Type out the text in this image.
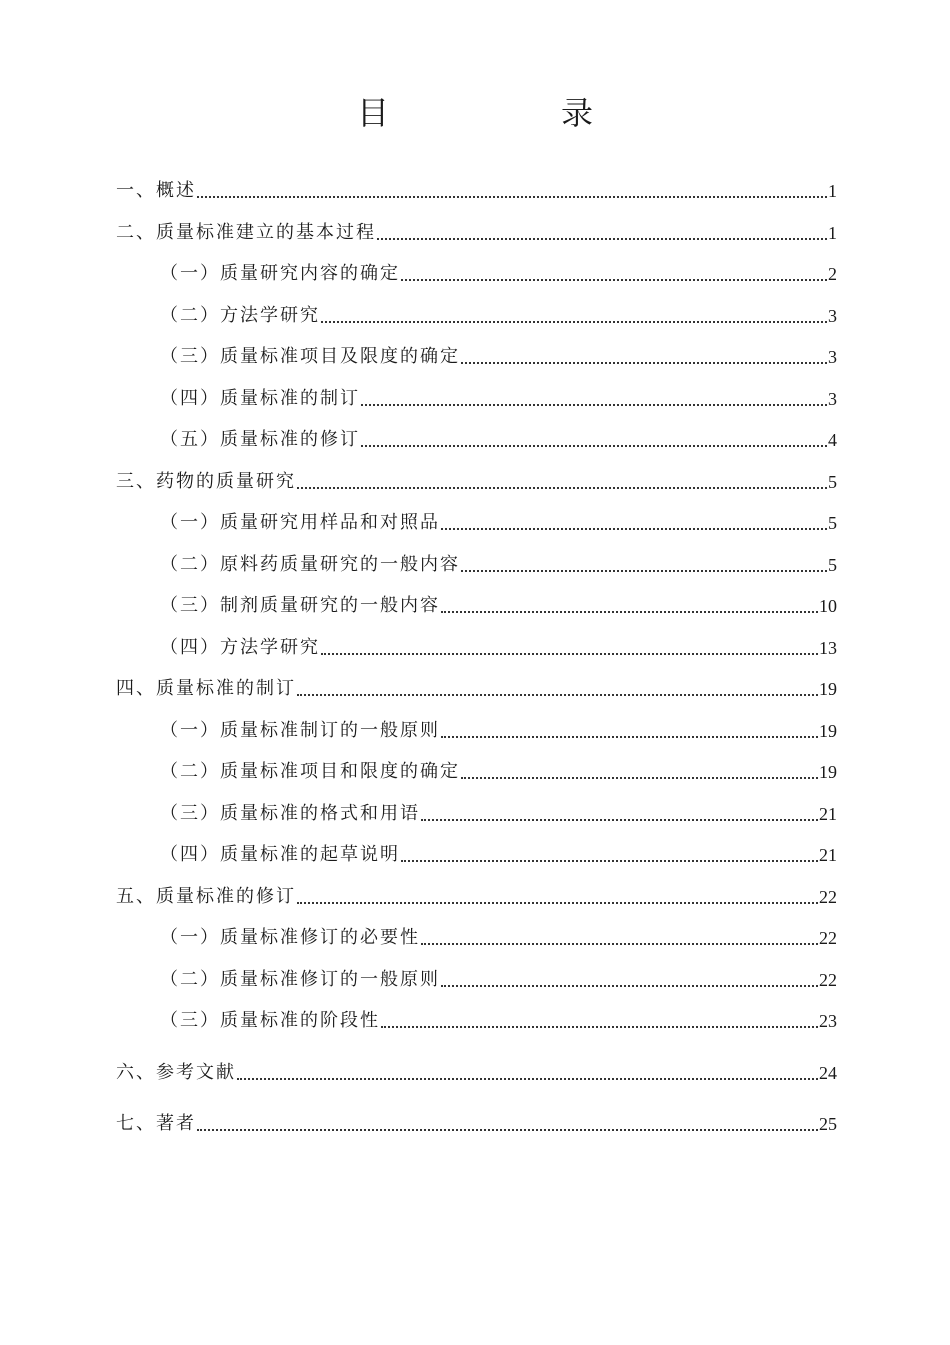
目　录
一、概述	1
二、质量标准建立的基本过程	1
（一）质量研究内容的确定	2
（二）方法学研究	3
（三）质量标准项目及限度的确定	3
（四）质量标准的制订	3
（五）质量标准的修订	4
三、药物的质量研究	5
（一）质量研究用样品和对照品	5
（二）原料药质量研究的一般内容	5
（三）制剂质量研究的一般内容	10
（四）方法学研究	13
四、质量标准的制订	19
（一）质量标准制订的一般原则	19
（二）质量标准项目和限度的确定	19
（三）质量标准的格式和用语	21
（四）质量标准的起草说明	21
五、质量标准的修订	22
（一）质量标准修订的必要性	22
（二）质量标准修订的一般原则	22
（三）质量标准的阶段性	23
六、参考文献	24
七、著者	25
